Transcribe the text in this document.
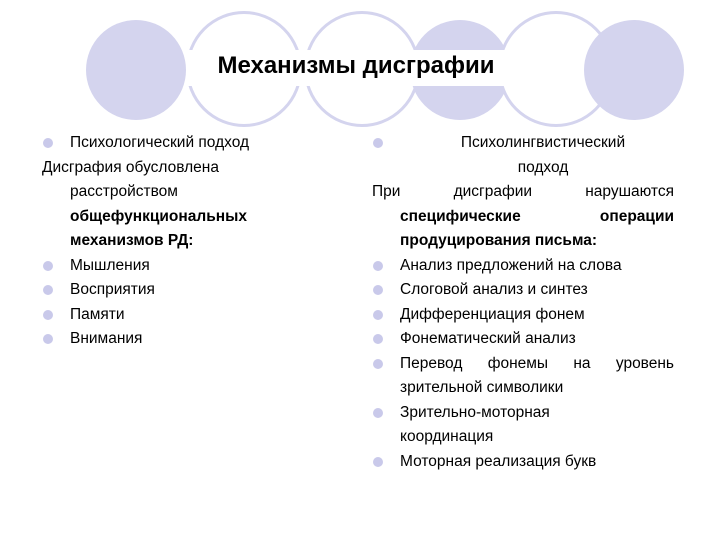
Механизмы дисграфии
Психологический подход
Дисграфия обусловлена
расстройством
общефункциональных
механизмов РД:
Мышления
Восприятия
Памяти
Внимания
Психолингвистический
подход
При	дисграфии	нарушаются
специфические операции
продуцирования письма:
Анализ предложений на слова
Слоговой анализ и синтез
Дифференциация фонем
Фонематический анализ
Перевод фонемы на уровень
зрительной символики
Зрительно-моторная
координация
Моторная реализация букв
